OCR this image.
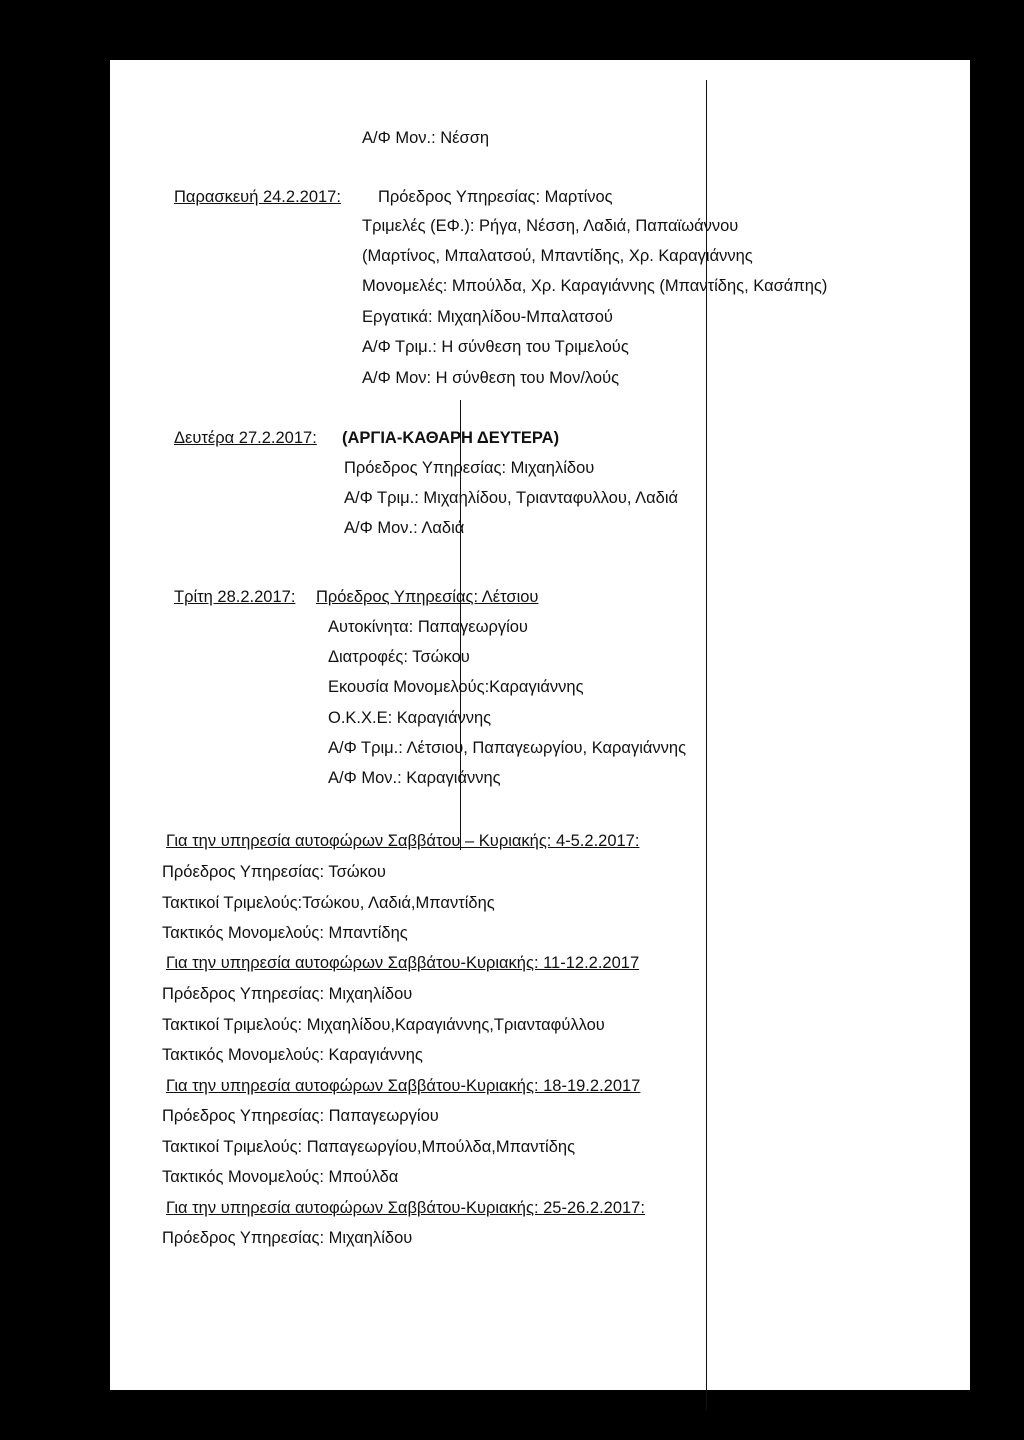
Α/Φ Μον.: Νέσση
Παρασκευή 24.2.2017: Πρόεδρος Υπηρεσίας: Μαρτίνος
Τριμελές (ΕΦ.): Ρήγα, Νέσση, Λαδιά, Παπαϊωάννου
(Μαρτίνος, Μπαλατσού, Μπαντίδης, Χρ. Καραγιάννης
Μονομελές: Μπούλδα, Χρ. Καραγιάννης (Μπαντίδης, Κασάπης)
Εργατικά: Μιχαηλίδου-Μπαλατσού
Α/Φ Τριμ.: Η σύνθεση του Τριμελούς
Α/Φ Μον: Η σύνθεση του Μον/λούς
Δευτέρα 27.2.2017: (ΑΡΓΙΑ-ΚΑΘΑΡΗ ΔΕΥΤΕΡΑ)
Πρόεδρος Υπηρεσίας: Μιχαηλίδου
Α/Φ Τριμ.: Μιχαηλίδου, Τριανταφυλλου, Λαδιά
Α/Φ Μον.: Λαδιά
Τρίτη 28.2.2017: Πρόεδρος Υπηρεσίας: Λέτσιου
Αυτοκίνητα: Παπαγεωργίου
Διατροφές: Τσώκου
Εκουσία Μονομελούς:Καραγιάννης
Ο.Κ.Χ.Ε: Καραγιάννης
Α/Φ Τριμ.: Λέτσιου, Παπαγεωργίου, Καραγιάννης
Α/Φ Μον.: Καραγιάννης
Για την υπηρεσία αυτοφώρων Σαββάτου – Κυριακής: 4-5.2.2017:
Πρόεδρος Υπηρεσίας: Τσώκου
Τακτικοί Τριμελούς:Τσώκου, Λαδιά,Μπαντίδης
Τακτικός Μονομελούς: Μπαντίδης
Για την υπηρεσία αυτοφώρων Σαββάτου-Κυριακής: 11-12.2.2017
Πρόεδρος Υπηρεσίας: Μιχαηλίδου
Τακτικοί Τριμελούς: Μιχαηλίδου,Καραγιάννης,Τριανταφύλλου
Τακτικός Μονομελούς: Καραγιάννης
Για την υπηρεσία αυτοφώρων Σαββάτου-Κυριακής: 18-19.2.2017
Πρόεδρος Υπηρεσίας: Παπαγεωργίου
Τακτικοί Τριμελούς: Παπαγεωργίου,Μπούλδα,Μπαντίδης
Τακτικός Μονομελούς: Μπούλδα
Για την υπηρεσία αυτοφώρων Σαββάτου-Κυριακής: 25-26.2.2017:
Πρόεδρος Υπηρεσίας: Μιχαηλίδου
